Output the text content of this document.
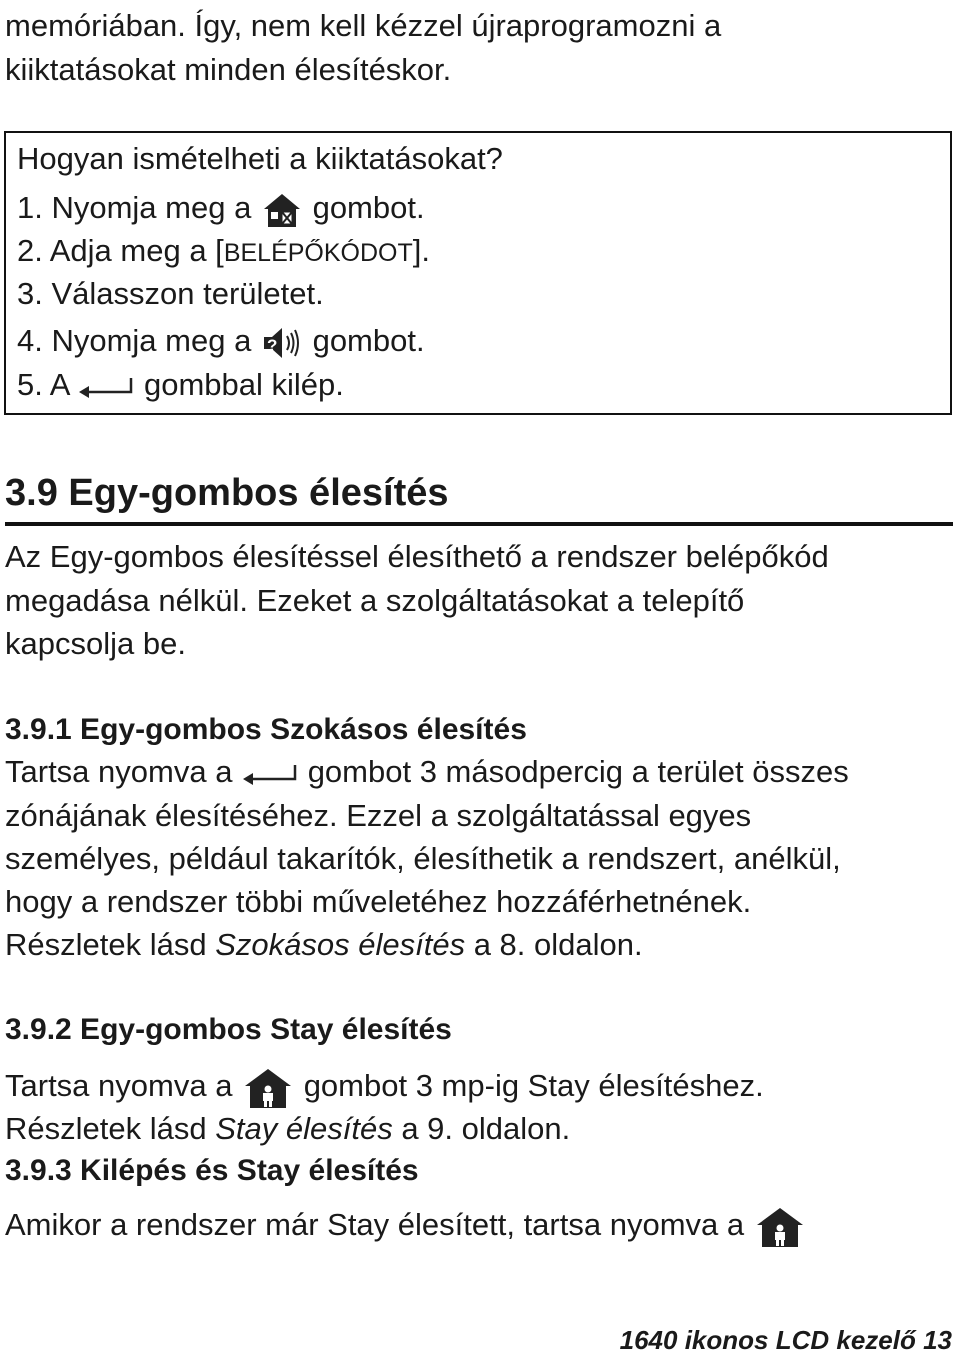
memóriában. Így, nem kell kézzel újraprogramozni a

kiiktatásokat minden élesítéskor.

Hogyan ismételheti a kiiktatásokat?
1. Nyomja meg a gombot.
2. Adja meg a [BELÉPŐKÓDOT].
3. Válasszon területet.
4. Nyomja meg a ? gombot.
5. A gombbal kilép.
3.9 Egy-gombos élesítés

Az Egy-gombos élesítéssel élesíthető a rendszer belépőkód

megadása nélkül. Ezeket a szolgáltatásokat a telepítő

kapcsolja be.

3.9.1 Egy-gombos Szokásos élesítés

Tartsa nyomva a gombot 3 másodpercig a terület összes

zónájának élesítéséhez. Ezzel a szolgáltatással egyes

személyes, például takarítók, élesíthetik a rendszert, anélkül,

hogy a rendszer többi műveletéhez hozzáférhetnének.

Részletek lásd Szokásos élesítés a 8. oldalon.

3.9.2 Egy-gombos Stay élesítés

Tartsa nyomva a gombot 3 mp-ig Stay élesítéshez.

Részletek lásd Stay élesítés a 9. oldalon.

3.9.3 Kilépés és Stay élesítés

Amikor a rendszer már Stay élesített, tartsa nyomva a

1640 ikonos LCD kezelő 13
